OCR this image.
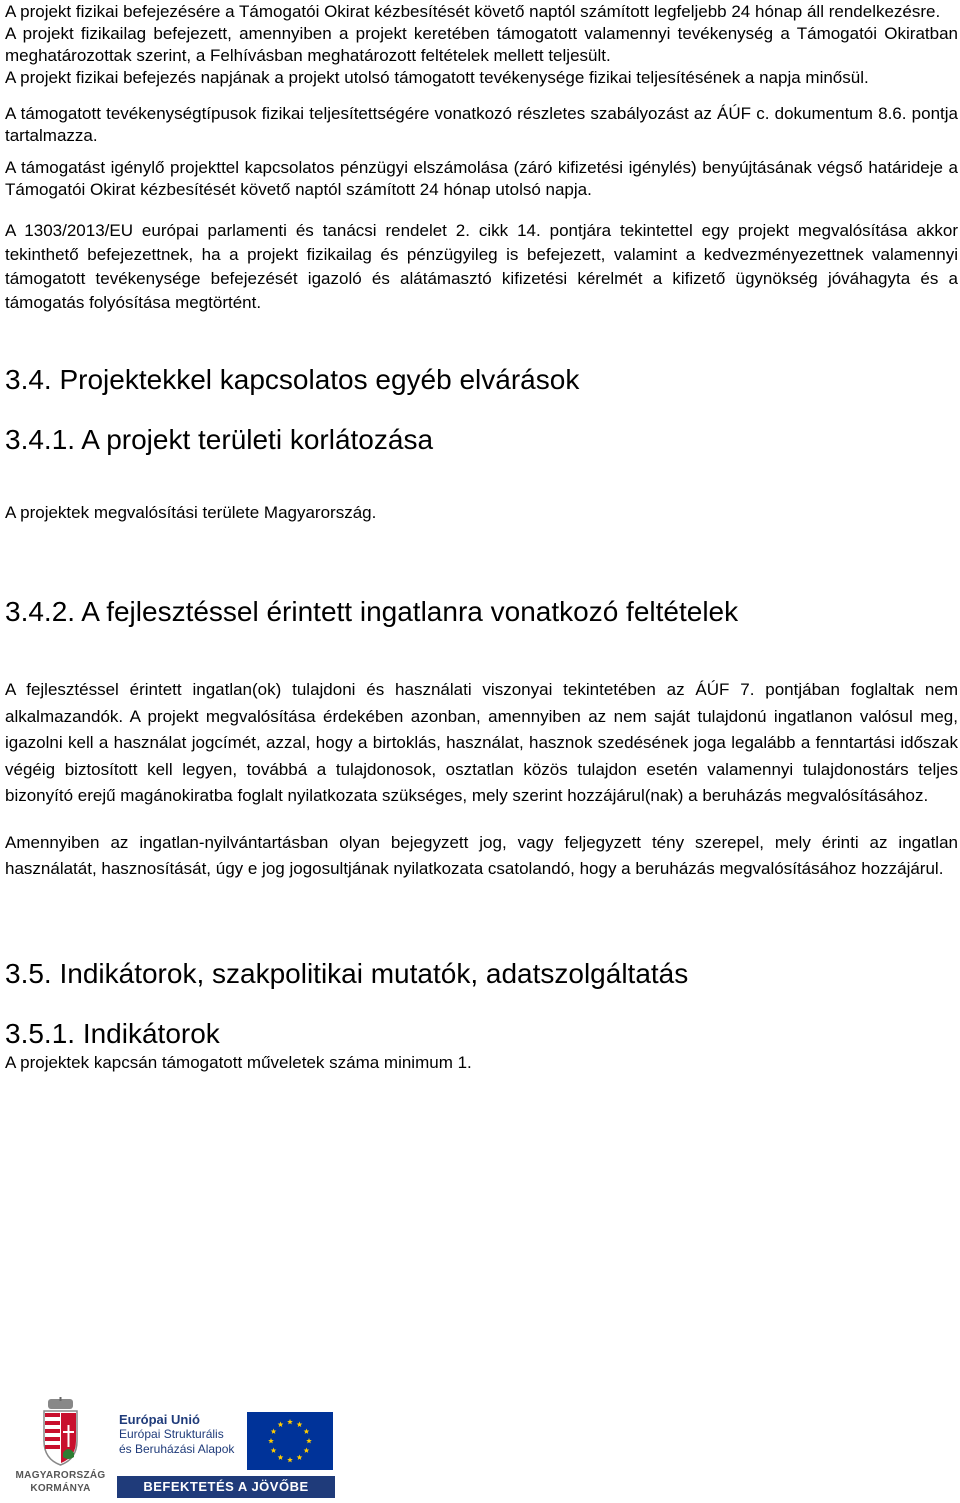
A projekt fizikai befejezésére a Támogatói Okirat kézbesítését követő naptól számított legfeljebb 24 hónap áll rendelkezésre.

A projekt fizikailag befejezett, amennyiben a projekt keretében támogatott valamennyi tevékenység a Támogatói Okiratban meghatározottak szerint, a Felhívásban meghatározott feltételek mellett teljesült.

A projekt fizikai befejezés napjának a projekt utolsó támogatott tevékenysége fizikai teljesítésének a napja minősül.

A támogatott tevékenységtípusok fizikai teljesítettségére vonatkozó részletes szabályozást az ÁÚF c. dokumentum 8.6. pontja tartalmazza.

A támogatást igénylő projekttel kapcsolatos pénzügyi elszámolása (záró kifizetési igénylés) benyújtásának végső határideje a Támogatói Okirat kézbesítését követő naptól számított 24 hónap utolsó napja.

A 1303/2013/EU európai parlamenti és tanácsi rendelet 2. cikk 14. pontjára tekintettel egy projekt megvalósítása akkor tekinthető befejezettnek, ha a projekt fizikailag és pénzügyileg is befejezett, valamint a kedvezményezettnek valamennyi támogatott tevékenysége befejezését igazoló és alátámasztó kifizetési kérelmét a kifizető ügynökség jóváhagyta és a támogatás folyósítása megtörtént.

3.4. Projektekkel kapcsolatos egyéb elvárások
3.4.1. A projekt területi korlátozása

A projektek megvalósítási területe Magyarország.

3.4.2. A fejlesztéssel érintett ingatlanra vonatkozó feltételek

A fejlesztéssel érintett ingatlan(ok) tulajdoni és használati viszonyai tekintetében az ÁÚF 7. pontjában foglaltak nem alkalmazandók. A projekt megvalósítása érdekében azonban, amennyiben az nem saját tulajdonú ingatlanon valósul meg, igazolni kell a használat jogcímét, azzal, hogy a birtoklás, használat, hasznok szedésének joga legalább a fenntartási időszak végéig biztosított kell legyen, továbbá a tulajdonosok, osztatlan közös tulajdon esetén valamennyi tulajdonostárs teljes bizonyító erejű magánokiratba foglalt nyilatkozata szükséges, mely szerint hozzájárul(nak) a beruházás megvalósításához.

Amennyiben az ingatlan-nyilvántartásban olyan bejegyzett jog, vagy feljegyzett tény szerepel, mely érinti az ingatlan használatát, hasznosítását, úgy e jog jogosultjának nyilatkozata csatolandó, hogy a beruházás megvalósításához hozzájárul.

3.5. Indikátorok, szakpolitikai mutatók, adatszolgáltatás
3.5.1. Indikátorok

A projektek kapcsán támogatott műveletek száma minimum 1.

MAGYARORSZÁG
KORMÁNYA
Európai Unió
Európai Strukturális
és Beruházási Alapok
BEFEKTETÉS A JÖVŐBE
